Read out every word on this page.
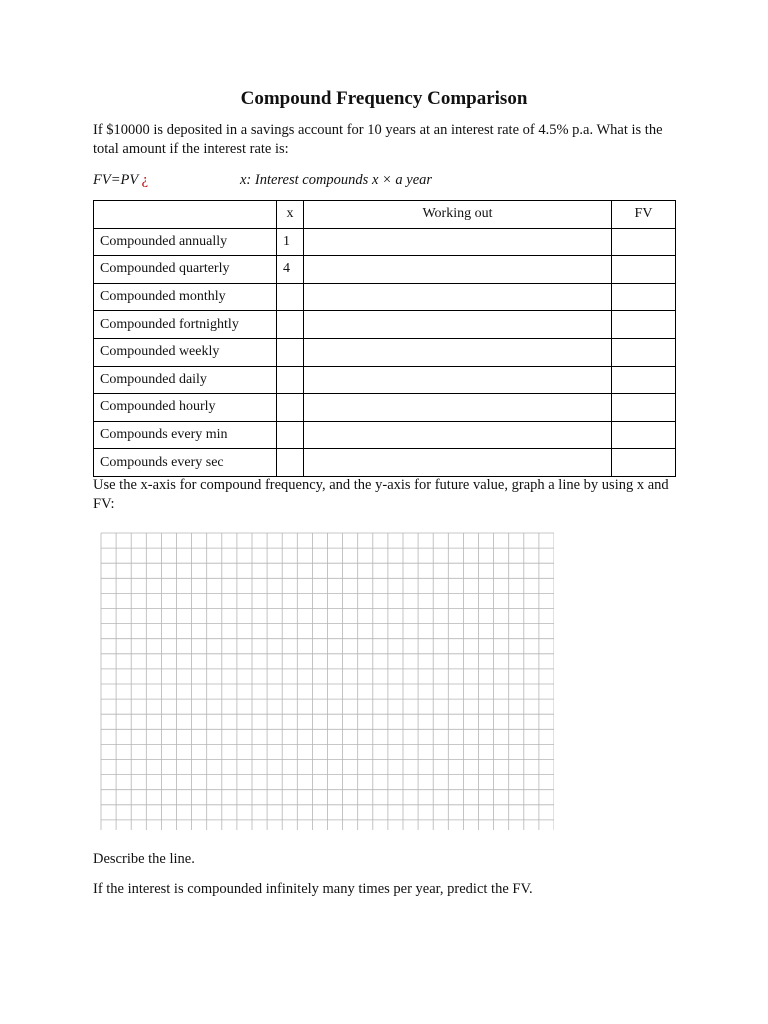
Compound Frequency Comparison

If $10000 is deposited in a savings account for 10 years at an interest rate of 4.5% p.a. What is the total amount if the interest rate is:

FV=PV ¿	x: Interest compounds x × a year
	x	Working out	FV
Compounded annually	1		
Compounded quarterly	4		
Compounded monthly			
Compounded fortnightly			
Compounded weekly			
Compounded daily			
Compounded hourly			
Compounds every min			
Compounds every sec			

Use the x-axis for compound frequency, and the y-axis for future value, graph a line by using x and FV:

Describe the line.

If the interest is compounded infinitely many times per year, predict the FV.
